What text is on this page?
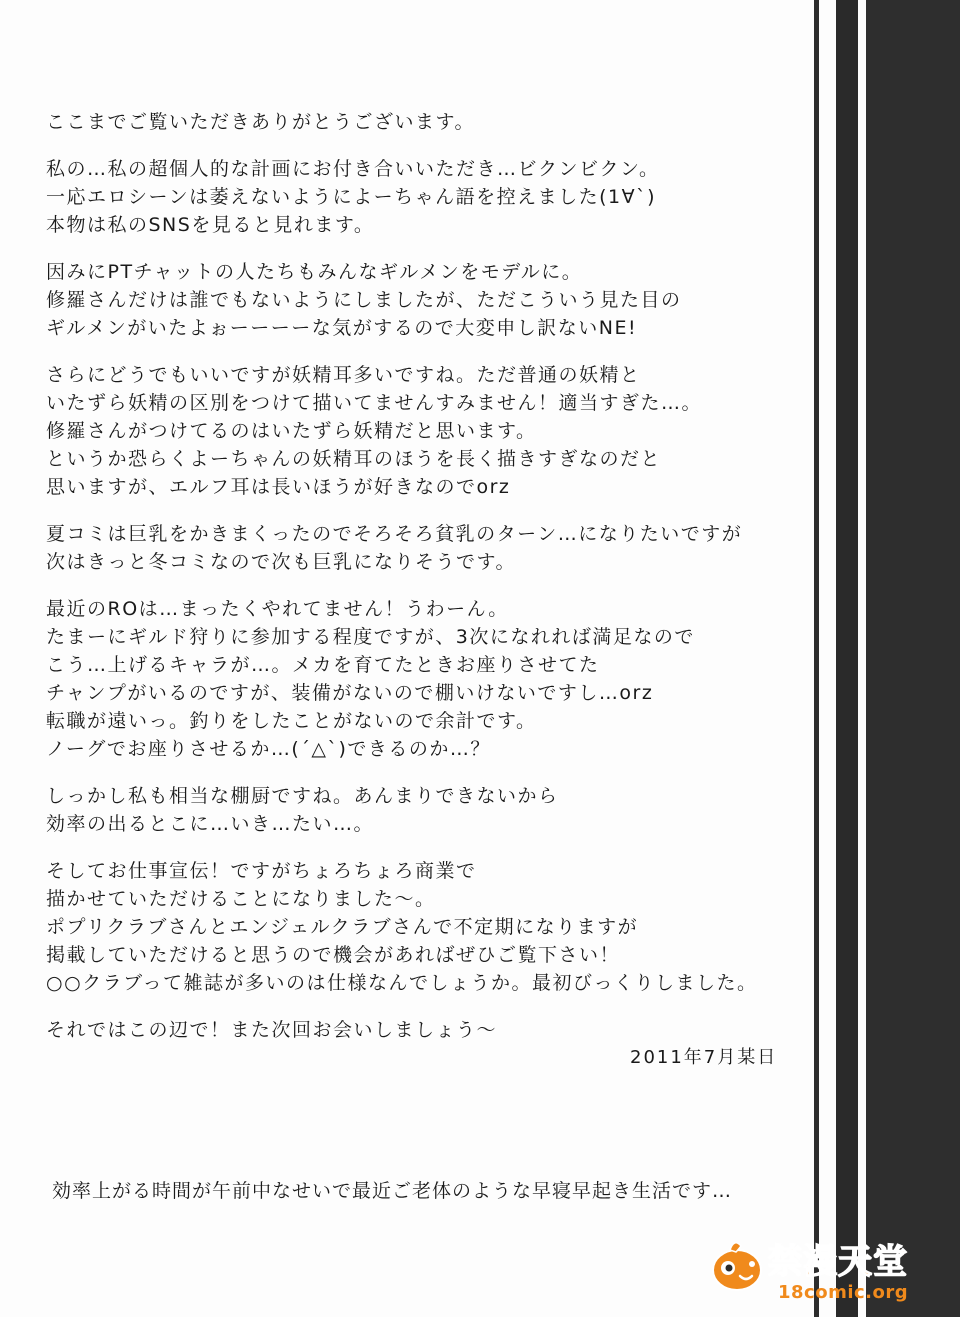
ここまでご覧いただきありがとうございます。
私の…私の超個人的な計画にお付き合いいただき…ビクンビクン。
一応エロシーンは萎えないようによーちゃん語を控えました(1∀`)
本物は私のSNSを見ると見れます。
因みにPTチャットの人たちもみんなギルメンをモデルに。
修羅さんだけは誰でもないようにしましたが、ただこういう見た目の
ギルメンがいたよぉーーーーな気がするので大変申し訳ないNE!
さらにどうでもいいですが妖精耳多いですね。ただ普通の妖精と
いたずら妖精の区別をつけて描いてませんすみません！適当すぎた…。
修羅さんがつけてるのはいたずら妖精だと思います。
というか恐らくよーちゃんの妖精耳のほうを長く描きすぎなのだと
思いますが、エルフ耳は長いほうが好きなのでorz
夏コミは巨乳をかきまくったのでそろそろ貧乳のターン…になりたいですが
次はきっと冬コミなので次も巨乳になりそうです。
最近のROは…まったくやれてません！うわーん。
たまーにギルド狩りに参加する程度ですが、3次になれれば満足なので
こう…上げるキャラが…。メカを育てたときお座りさせてた
チャンプがいるのですが、装備がないので棚いけないですし…orz
転職が遠いっ。釣りをしたことがないので余計です。
ノーグでお座りさせるか…(´△`)できるのか…？
しっかし私も相当な棚厨ですね。あんまりできないから
効率の出るとこに…いき…たい…。
そしてお仕事宣伝！ですがちょろちょろ商業で
描かせていただけることになりました～。
ポプリクラブさんとエンジェルクラブさんで不定期になりますが
掲載していただけると思うので機会があればぜひご覧下さい！
○○クラブって雑誌が多いのは仕様なんでしょうか。最初びっくりしました。
それではこの辺で！また次回お会いしましょう～
2011年7月某日
効率上がる時間が午前中なせいで最近ご老体のような早寝早起き生活です…
禁漫天堂
18comic.org
